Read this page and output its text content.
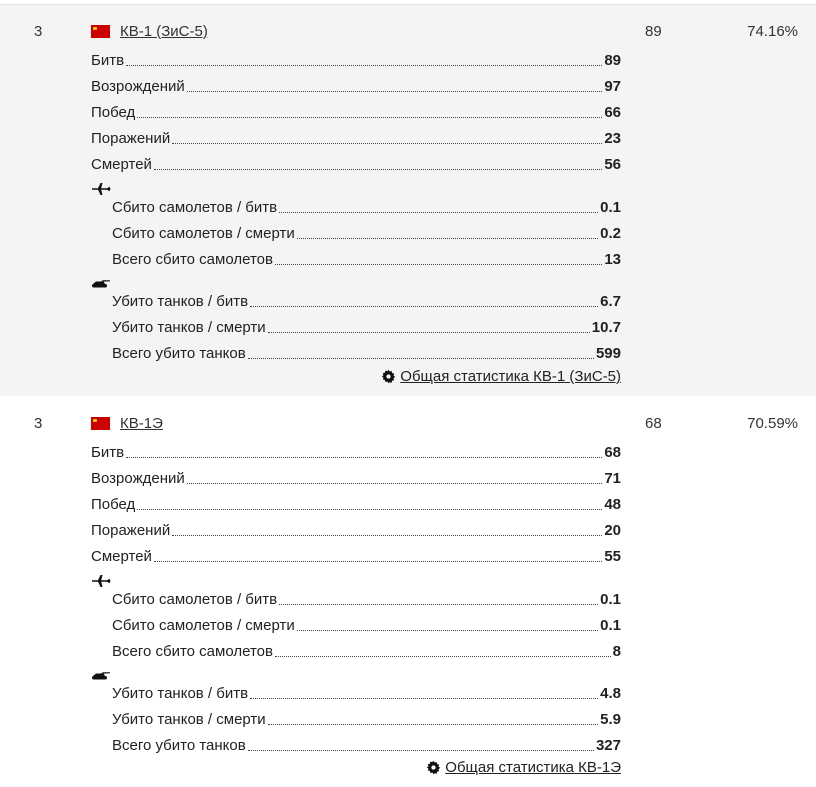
3	КВ-1 (ЗиС-5)	89	74.16%
Битв	89
Возрождений	97
Побед	66
Поражений	23
Смертей	56
Сбито самолетов / битв	0.1
Сбито самолетов / смерти	0.2
Всего сбито самолетов	13
Убито танков / битв	6.7
Убито танков / смерти	10.7
Всего убито танков	599
Общая статистика КВ-1 (ЗиС-5)
3	КВ-1Э	68	70.59%
Битв	68
Возрождений	71
Побед	48
Поражений	20
Смертей	55
Сбито самолетов / битв	0.1
Сбито самолетов / смерти	0.1
Всего сбито самолетов	8
Убито танков / битв	4.8
Убито танков / смерти	5.9
Всего убито танков	327
Общая статистика КВ-1Э
